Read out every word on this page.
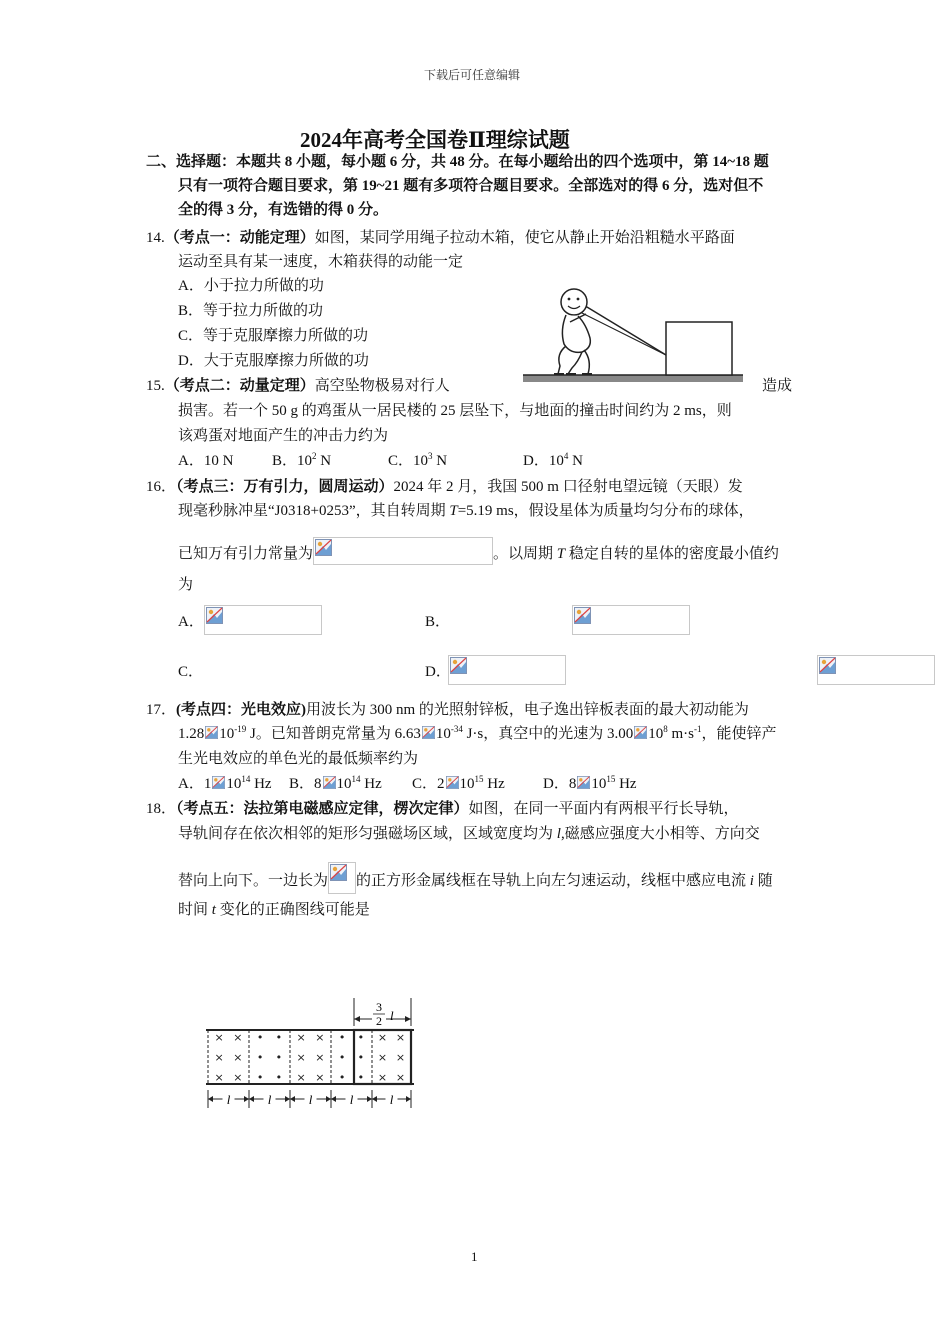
下载后可任意编辑
2024年高考全国卷Ⅱ理综试题
二、选择题：本题共 8 小题，每小题 6 分，共 48 分。在每小题给出的四个选项中，第 14~18 题
只有一项符合题目要求，第 19~21 题有多项符合题目要求。全部选对的得 6 分，选对但不
全的得 3 分，有选错的得 0 分。
14.（考点一：动能定理）如图，某同学用绳子拉动木箱，使它从静止开始沿粗糙水平路面
运动至具有某一速度，木箱获得的动能一定
A．小于拉力所做的功
B．等于拉力所做的功
C．等于克服摩擦力所做的功
D．大于克服摩擦力所做的功
15.（考点二：动量定理）高空坠物极易对行人	造成
损害。若一个 50 g 的鸡蛋从一居民楼的 25 层坠下，与地面的撞击时间约为 2 ms，则
该鸡蛋对地面产生的冲击力约为
A．10 N	B．$10^2$ N	C．$10^3$ N	D．$10^4$ N
16．（考点三：万有引力，圆周运动）2024 年 2 月，我国 500 m 口径射电望远镜（天眼）发
现毫秒脉冲星“J0318+0253”，其自转周期 T=5.19 ms，假设星体为质量均匀分布的球体，
已知万有引力常量为	。以周期 T 稳定自转的星体的密度最小值约
为
A．
	B．

C．
	D．
17．(考点四：光电效应)用波长为 300 nm 的光照射锌板，电子逸出锌板表面的最大初动能为
1.28 $10^{-19}$ J。已知普朗克常量为 6.63 $10^{-34}$ J·s，真空中的光速为 3.00 $10^8$ $m\cdot s^{-1}$，能使锌产
生光电效应的单色光的最低频率约为
A．1 $10^{14}$ Hz B．8 $10^{14}$ Hz C．2 $10^{15}$ Hz	D．8 $10^{15}$ Hz
18．（考点五：法拉第电磁感应定律，楞次定律）如图，在同一平面内有两根平行长导轨，
导轨间存在依次相邻的矩形匀强磁场区域，区域宽度均为 l,磁感应强度大小相等、方向交
替向上向下。一边长为 的正方形金属线框在导轨上向左匀速运动，线框中感应电流 i 随
时间 t 变化的正确图线可能是
3
2 l
× ×
× ×
× ×
• •
• •
• •
× ×
× ×
× ×
• •
• •
• •
× ×
× ×
× ×
l	l	l	l	l
1
